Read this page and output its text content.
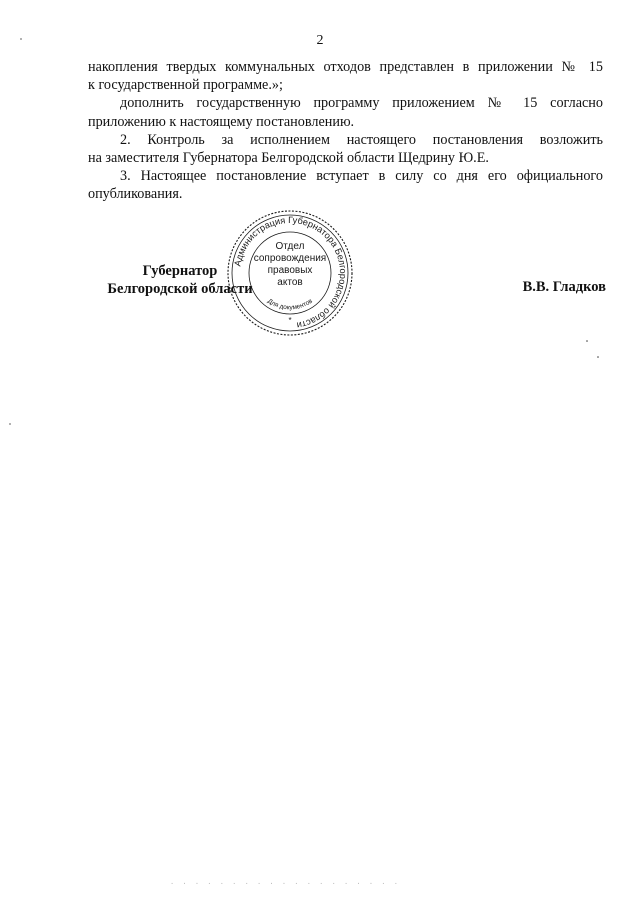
2

накопления твердых коммунальных отходов представлен в приложении № 15

к государственной программе.»;

дополнить государственную программу приложением № 15 согласно

приложению к настоящему постановлению.

2. Контроль за исполнением настоящего постановления возложить

на заместителя Губернатора Белгородской области Щедрину Ю.Е.

3. Настоящее постановление вступает в силу со дня его официального

опубликования.

Губернатор
Белгородской области	В.В. Гладков
Администрация Губернатора Белгородской области
Отдел
сопровождения
правовых
актов
Для документов
*
· · · · · · · · · · · · · · · · · · ·
